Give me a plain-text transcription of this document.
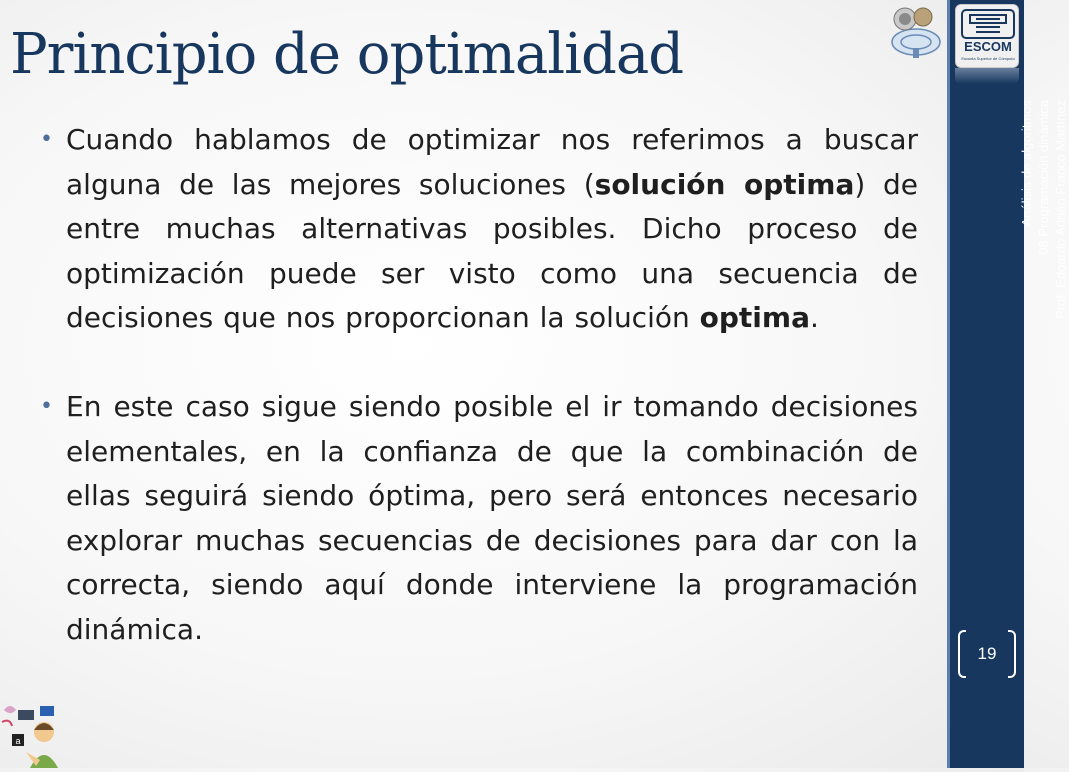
ESCOM
Escuela Superior de Cómputo
Principio de optimalidad

• Cuando hablamos de optimizar nos referimos a buscar alguna de las mejores soluciones (solución optima) de entre muchas alternativas posibles. Dicho proceso de optimización puede ser visto como una secuencia de decisiones que nos proporcionan la solución optima.

• En este caso sigue siendo posible el ir tomando decisiones elementales, en la confianza de que la combinación de ellas seguirá siendo óptima, pero será entonces necesario explorar muchas secuencias de decisiones para dar con la correcta, siendo aquí donde interviene la programación dinámica.

Análisis de algoritmos 08 Programación dinámica Prof. Edgardo Adrián Franco Martínez
19
a
